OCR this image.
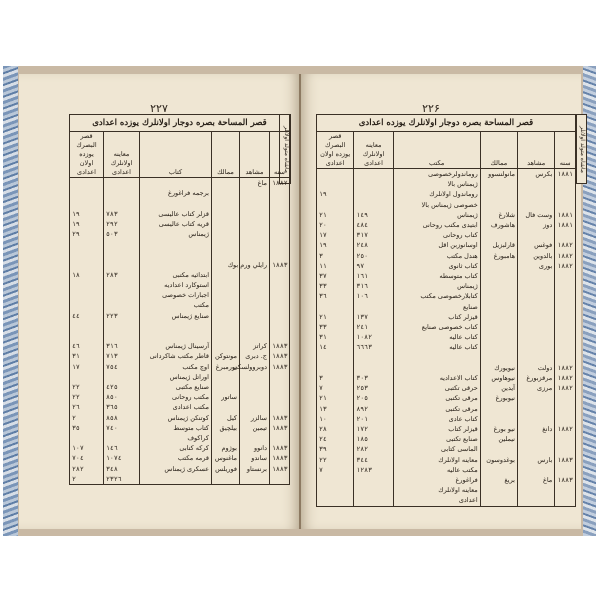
۲۲۷
ماشاه متولد اولانلر
قصر المساحة بصره دوجار اولانلرك يوزده اعدادى					
سنه	مشاهد	ممالك	كتاب	معاينه اولانلرك اعدادى	قصر البصرك يوزده اولان اعدادى
١٨٨٢	ماغ				
			برجمه فراغورغ		

			قزلر كتاب عاليسى	٧٨٣	١٩
			قريه كتاب عاليسى	٢٩٢	١٩
			ژيمناس	٥٠٣	٢٩

١٨٨٣	رايلي ورم بوك				
			ابتدائيه مكتبى	٢٨٣	١٨
			استوكارد اعداديه		
			اجبارات خصوصى		
			مكتب		
			صنايع ژيمناس	٢٢٣	٤٤

١٨٨٣	كراتز		آرسينال ژيمناس	٣١٦	٤٦
١٨٨٣	ج. دبرى	مونتوكن	قاطر مكتب شاكردانى	٧١٣	٣١
١٨٨٣	دوبروولسكى	نورمبرغ	اوچ مكتب	٧٥٤	١٧
			اوراتل ژيمناس		
			صنايع مكتبى	٤٢٥	٢٢
		ساتور	مكتب روحانى	٨٥٠	٢٢
			مكتب اعدادى	٣٦٥	٢٦
١٨٨٣	سالزر	كيل	كوتنكن ژيمناس	٨٥٨	٢
١٨٨٣	تيمين	بيلچيق	كتاب متوسط	٧٤٠	٣٥
			كراكوف		
١٨٨٣	دانوو	بوژوم	كركه كتابى	١٤٦	١٠٧
١٨٨٣	ساندو	ماغنوس	قرمه مكتب	١٠٧٤	٧٠٤
١٨٨٣	برنستاو	فوريلس	عسكرى ژيمناس	٣٤٨	٢٨٢
				٢٣٢٦	٢
۲۲۶
ماشاه متولد اولانلر
قصر المساحة بصره دوجار اولانلرك يوزده اعدادى					
سنه	مشاهد	ممالك	مكتب	معاينه اولانلرك اعدادى	قصر البصرك يوزده اولان اعدادى
١٨٨١	بكرس	مانولنسوو	روماندولرخصوصى		
			ژيمناس بالا		
			روماندول اولانلرك		١٩
			خصوصى ژيمناس بالا		
١٨٨١	وست فال	شلارغ	ژيمناس	١٤٩	٢١
١٨٨١	دوز	هاشورف	ابتيدى مكتب روحانى	٤٨٤	٢٠
			كتاب روحانى	٣١٧	١٧
١٨٨٢	فوغس	قارلبزيل	اوسانوزبن اقل	٢٤٨	١٩
١٨٨٢	بالدوين	هامبورغ	هندل مكتب	٢٥٠	٣
١٨٨٢	بورى		كتاب ثانوى	٩٧	١١
			كتاب متوسطه	١٦١	٣٧
			ژيمناس	٣١٦	٣٣
			كتابلارخصوصى مكتب	١٠٦	٣٦
			صنايع		
			قيزلر كتاب	١٣٧	٢١
			كتاب خصوصى صنايع	٢٤١	٣٣
			كتاب عاليه	١٠٨٢	٣١
			كتاب عاليه	٦٦٦٣	١٤

١٨٨٢	دولت	نيويورك			
١٨٨٢	مرقزبورغ	نيوهاوس	كتاب الاعداديه	٣٠٣	٣
١٨٨٢	مرزى	آيدين	حرقى تكتبى	٢٥٣	٧
		نيوبورغ	مرقى تكتبى	٢٠٥	٢١
			مرقى تكتبى	٨٩٢	١٣
			كتاب عادى	٢٠١	١٠
١٨٨٢	دانغ	نيو بورغ	قيزلر كتاب	١٧٢	٢٨
		نيملين	صنايع تكتبى	١٨٥	٢٤
			الماسى كتابى	٢٨٢	٣٩
١٨٨٣	بارس	بوغدوسون	معاينه اولانلرك	٣٤٤	٢٢
			مكتب عاليه	١٢٨٣	٧
١٨٨٣	ماغ	بريغ	فراغورغ		
			معاينه اولانلرك		
			اعدادى		
